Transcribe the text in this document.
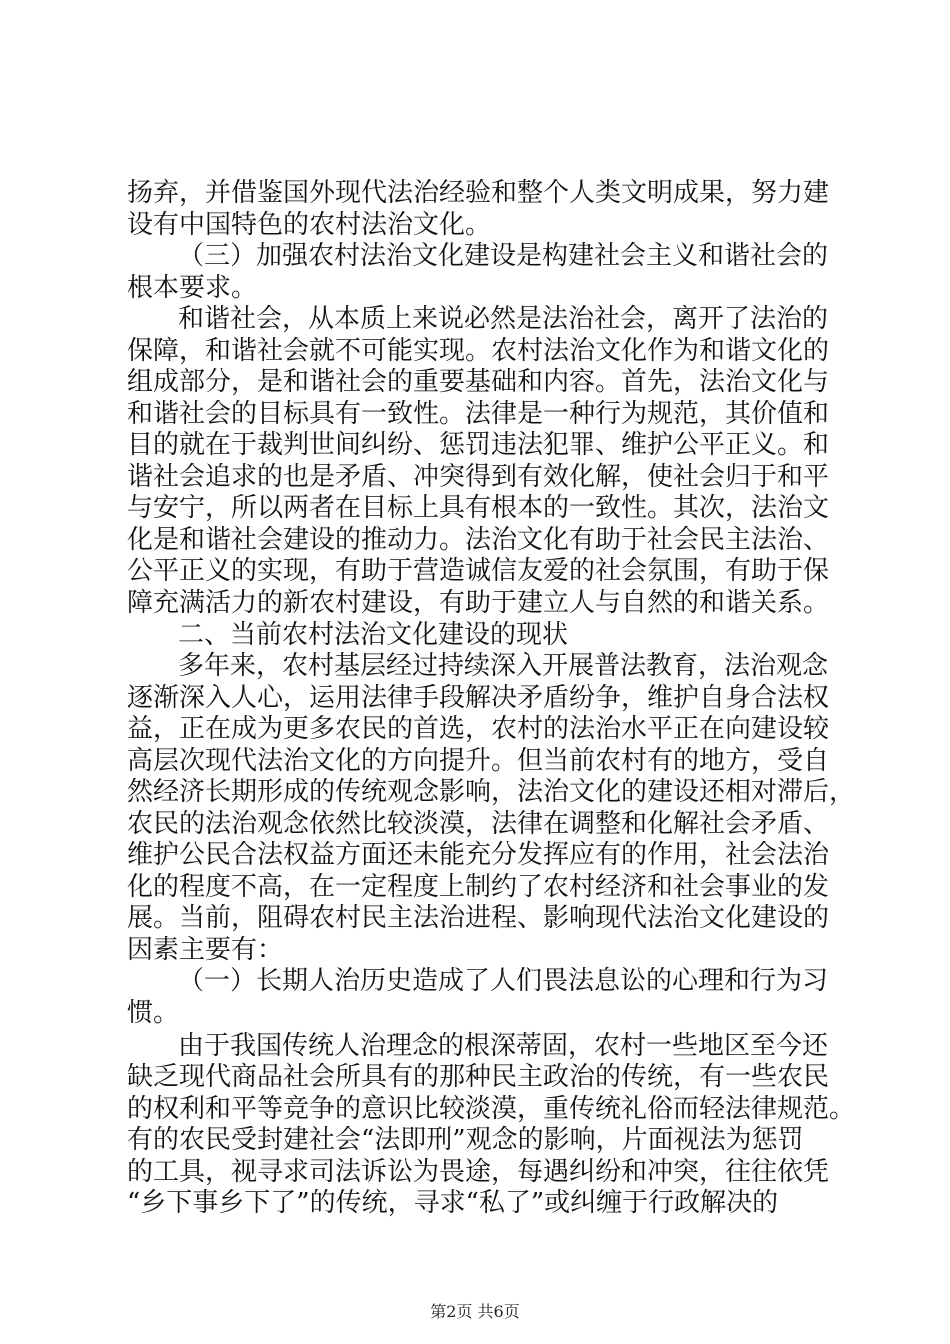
扬弃，并借鉴国外现代法治经验和整个人类文明成果，努力建
设有中国特色的农村法治文化。
（三）加强农村法治文化建设是构建社会主义和谐社会的
根本要求。
和谐社会，从本质上来说必然是法治社会，离开了法治的
保障，和谐社会就不可能实现。农村法治文化作为和谐文化的
组成部分，是和谐社会的重要基础和内容。首先，法治文化与
和谐社会的目标具有一致性。法律是一种行为规范，其价值和
目的就在于裁判世间纠纷、惩罚违法犯罪、维护公平正义。和
谐社会追求的也是矛盾、冲突得到有效化解，使社会归于和平
与安宁，所以两者在目标上具有根本的一致性。其次，法治文
化是和谐社会建设的推动力。法治文化有助于社会民主法治、
公平正义的实现，有助于营造诚信友爱的社会氛围，有助于保
障充满活力的新农村建设，有助于建立人与自然的和谐关系。
二、当前农村法治文化建设的现状
多年来，农村基层经过持续深入开展普法教育，法治观念
逐渐深入人心，运用法律手段解决矛盾纷争，维护自身合法权
益，正在成为更多农民的首选，农村的法治水平正在向建设较
高层次现代法治文化的方向提升。但当前农村有的地方，受自
然经济长期形成的传统观念影响，法治文化的建设还相对滞后，
农民的法治观念依然比较淡漠，法律在调整和化解社会矛盾、
维护公民合法权益方面还未能充分发挥应有的作用，社会法治
化的程度不高，在一定程度上制约了农村经济和社会事业的发
展。当前，阻碍农村民主法治进程、影响现代法治文化建设的
因素主要有：
（一）长期人治历史造成了人们畏法息讼的心理和行为习
惯。
由于我国传统人治理念的根深蒂固，农村一些地区至今还
缺乏现代商品社会所具有的那种民主政治的传统，有一些农民
的权利和平等竞争的意识比较淡漠，重传统礼俗而轻法律规范。
有的农民受封建社会“法即刑”观念的影响，片面视法为惩罚
的工具，视寻求司法诉讼为畏途，每遇纠纷和冲突，往往依凭
“乡下事乡下了”的传统，寻求“私了”或纠缠于行政解决的
第2页 共6页
